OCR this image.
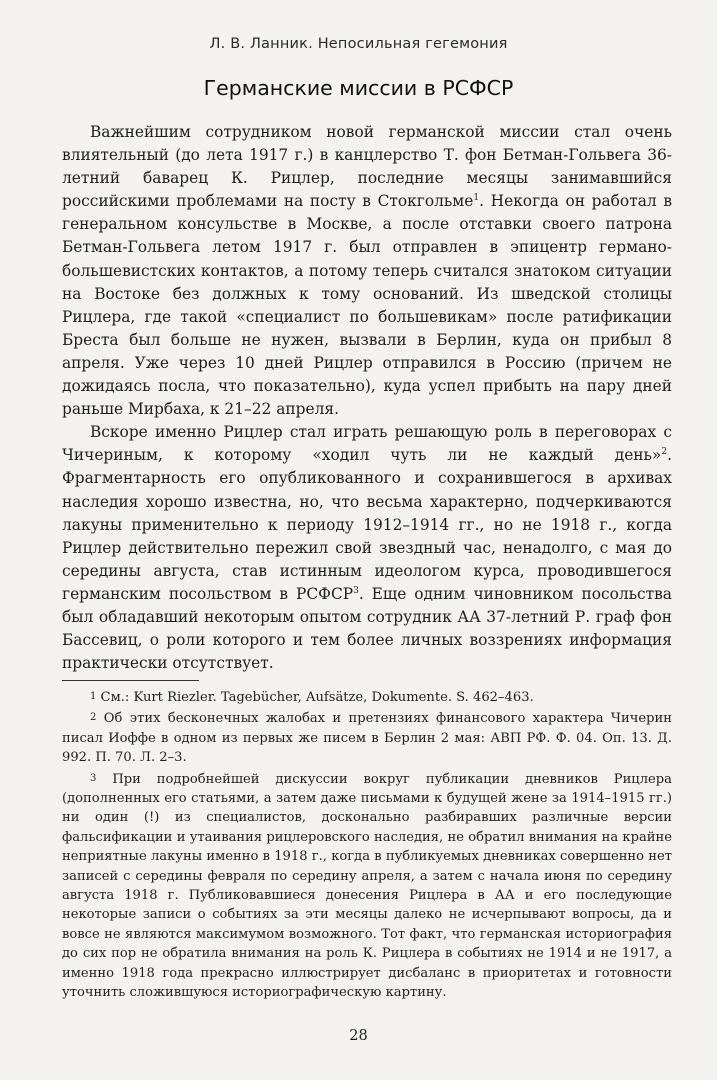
Л. В. Ланник. Непосильная гегемония
Германские миссии в РСФСР

Важнейшим сотрудником новой германской миссии стал очень влиятельный (до лета 1917 г.) в канцлерство Т. фон Бетман-Гольвега 36-летний баварец К. Рицлер, последние месяцы занимавшийся российскими проблемами на посту в Стокгольме$^1$. Некогда он работал в генеральном консульстве в Москве, а после отставки своего патрона Бетман-Гольвега летом 1917 г. был отправлен в эпицентр германо-большевистских контактов, а потому теперь считался знатоком ситуации на Востоке без должных к тому оснований. Из шведской столицы Рицлера, где такой «специалист по большевикам» после ратификации Бреста был больше не нужен, вызвали в Берлин, куда он прибыл 8 апреля. Уже через 10 дней Рицлер отправился в Россию (причем не дожидаясь посла, что показательно), куда успел прибыть на пару дней раньше Мирбаха, к 21–22 апреля.

Вскоре именно Рицлер стал играть решающую роль в переговорах с Чичериным, к которому «ходил чуть ли не каждый день»$^2$. Фрагментарность его опубликованного и сохранившегося в архивах наследия хорошо известна, но, что весьма характерно, подчеркиваются лакуны применительно к периоду 1912–1914 гг., но не 1918 г., когда Рицлер действительно пережил свой звездный час, ненадолго, с мая до середины августа, став истинным идеологом курса, проводившегося германским посольством в РСФСР$^3$. Еще одним чиновником посольства был обладавший некоторым опытом сотрудник АА 37-летний Р. граф фон Бассевиц, о роли которого и тем более личных воззрениях информация практически отсутствует.

1 См.: Kurt Riezler. Tagebücher, Aufsätze, Dokumente. S. 462–463.

2 Об этих бесконечных жалобах и претензиях финансового характера Чичерин писал Иоффе в одном из первых же писем в Берлин 2 мая: АВП РФ. Ф. 04. Оп. 13. Д. 992. П. 70. Л. 2–3.

3 При подробнейшей дискуссии вокруг публикации дневников Рицлера (дополненных его статьями, а затем даже письмами к будущей жене за 1914–1915 гг.) ни один (!) из специалистов, досконально разбиравших различные версии фальсификации и утаивания рицлеровского наследия, не обратил внимания на крайне неприятные лакуны именно в 1918 г., когда в публикуемых дневниках совершенно нет записей с середины февраля по середину апреля, а затем с начала июня по середину августа 1918 г. Публиковавшиеся донесения Рицлера в АА и его последующие некоторые записи о событиях за эти месяцы далеко не исчерпывают вопросы, да и вовсе не являются максимумом возможного. Тот факт, что германская историография до сих пор не обратила внимания на роль К. Рицлера в событиях не 1914 и не 1917, а именно 1918 года прекрасно иллюстрирует дисбаланс в приоритетах и готовности уточнить сложившуюся историографическую картину.

28
